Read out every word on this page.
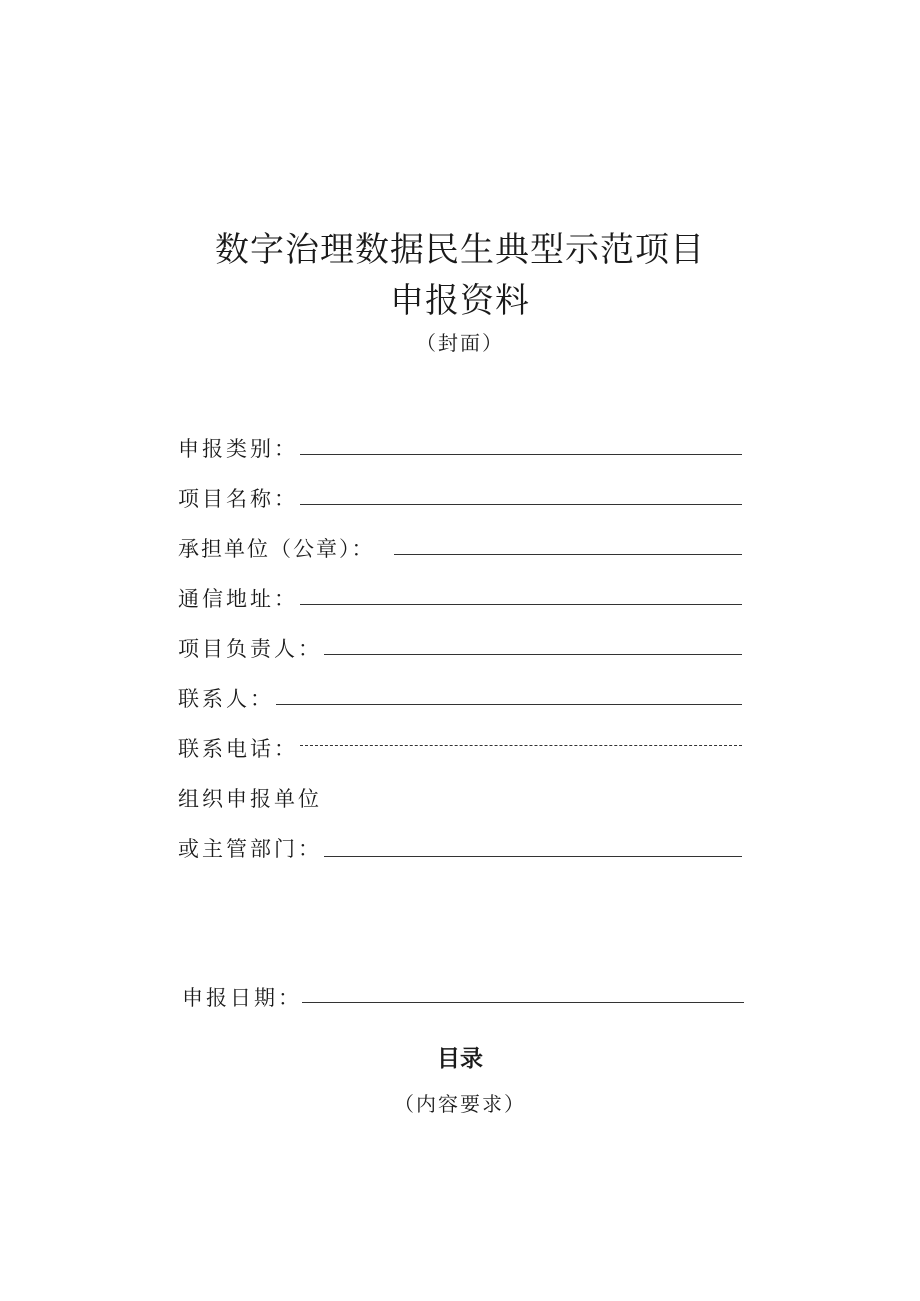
数字治理数据民生典型示范项目
申报资料
（封面）
申报类别：
项目名称：
承担单位（公章）：
通信地址：
项目负责人：
联系人：
联系电话：
组织申报单位
或主管部门：
申报日期：
目录
（内容要求）
